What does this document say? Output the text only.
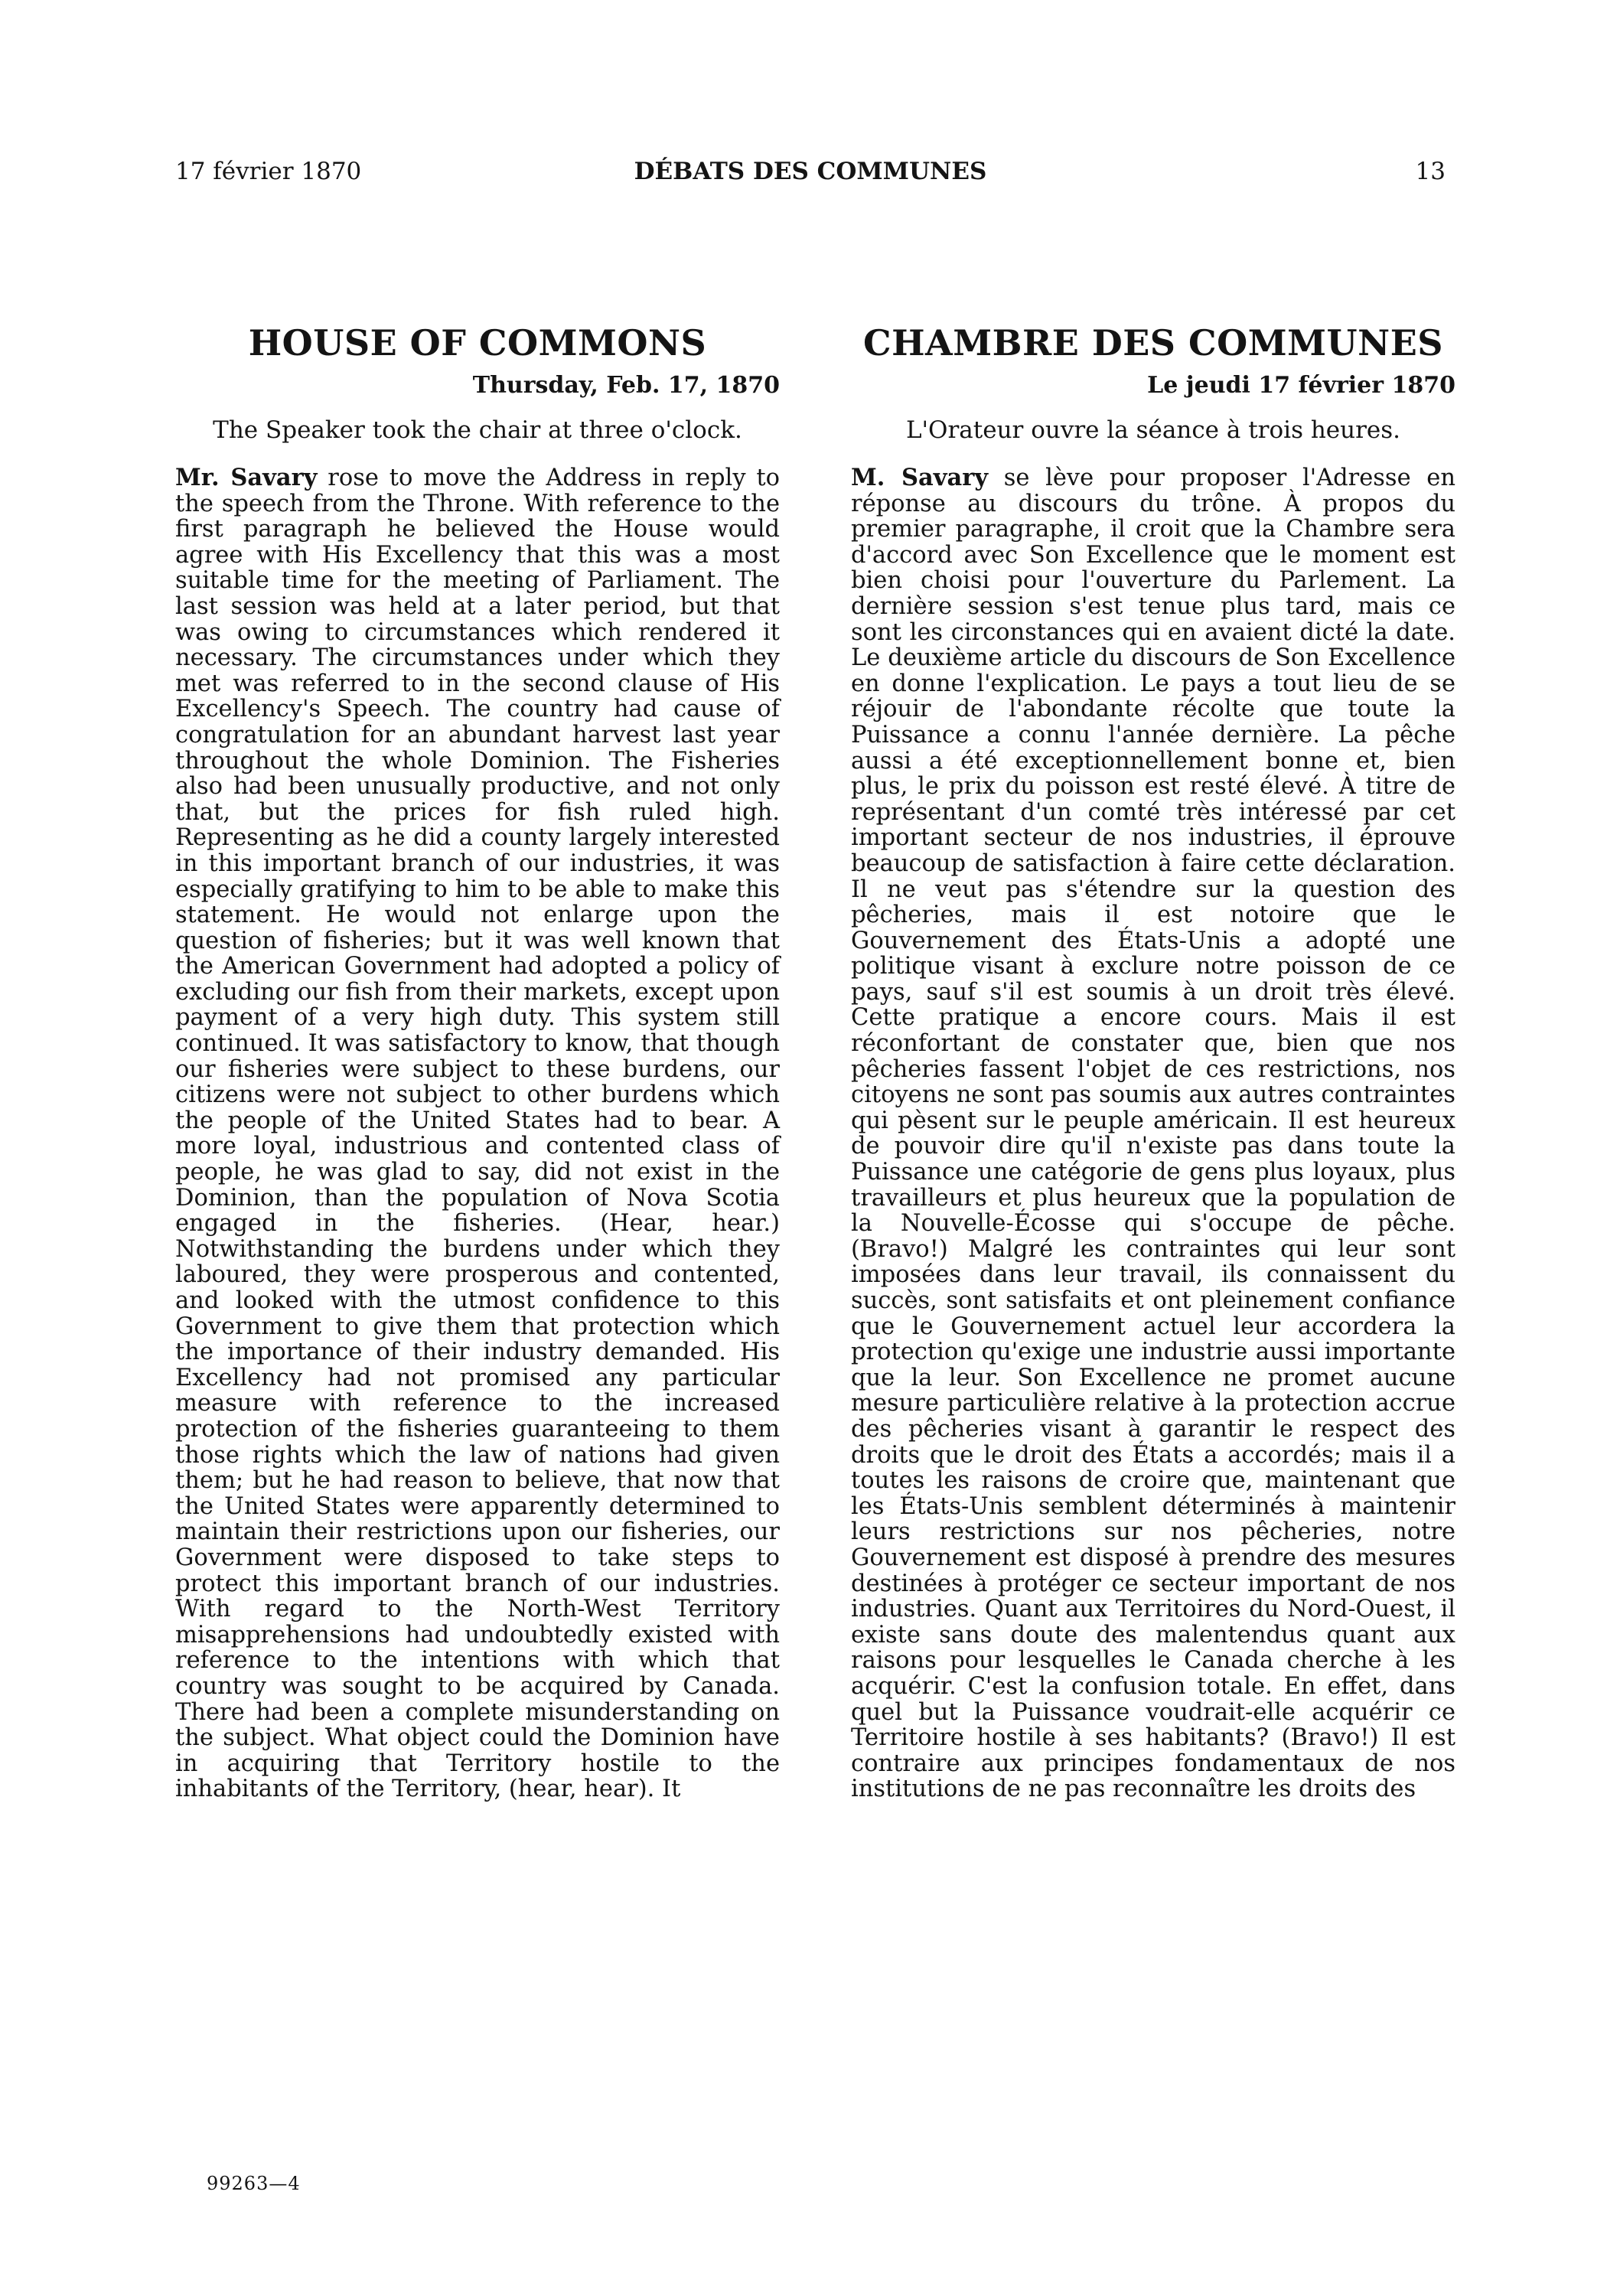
17 février 1870	DÉBATS DES COMMUNES	13
HOUSE OF COMMONS
Thursday, Feb. 17, 1870
The Speaker took the chair at three o'clock.

Mr. Savary rose to move the Address in reply to the speech from the Throne. With reference to the first paragraph he believed the House would agree with His Excellency that this was a most suitable time for the meeting of Parliament. The last session was held at a later period, but that was owing to circumstances which rendered it necessary. The circumstances under which they met was referred to in the second clause of His Excellency's Speech. The country had cause of congratulation for an abundant harvest last year throughout the whole Dominion. The Fisheries also had been unusually productive, and not only that, but the prices for fish ruled high. Representing as he did a county largely interested in this important branch of our industries, it was especially gratifying to him to be able to make this statement. He would not enlarge upon the question of fisheries; but it was well known that the American Government had adopted a policy of excluding our fish from their markets, except upon payment of a very high duty. This system still continued. It was satisfactory to know, that though our fisheries were subject to these burdens, our citizens were not subject to other burdens which the people of the United States had to bear. A more loyal, industrious and contented class of people, he was glad to say, did not exist in the Dominion, than the population of Nova Scotia engaged in the fisheries. (Hear, hear.) Notwithstanding the burdens under which they laboured, they were prosperous and contented, and looked with the utmost confidence to this Government to give them that protection which the importance of their industry demanded. His Excellency had not promised any particular measure with reference to the increased protection of the fisheries guaranteeing to them those rights which the law of nations had given them; but he had reason to believe, that now that the United States were apparently determined to maintain their restrictions upon our fisheries, our Government were disposed to take steps to protect this important branch of our industries. With regard to the North-West Territory misapprehensions had undoubtedly existed with reference to the intentions with which that country was sought to be acquired by Canada. There had been a complete misunderstanding on the subject. What object could the Dominion have in acquiring that Territory hostile to the inhabitants of the Territory, (hear, hear). It

CHAMBRE DES COMMUNES
Le jeudi 17 février 1870
L'Orateur ouvre la séance à trois heures.

M. Savary se lève pour proposer l'Adresse en réponse au discours du trône. À propos du premier paragraphe, il croit que la Chambre sera d'accord avec Son Excellence que le moment est bien choisi pour l'ouverture du Parlement. La dernière session s'est tenue plus tard, mais ce sont les circonstances qui en avaient dicté la date. Le deuxième article du discours de Son Excellence en donne l'explication. Le pays a tout lieu de se réjouir de l'abondante récolte que toute la Puissance a connu l'année dernière. La pêche aussi a été exceptionnellement bonne et, bien plus, le prix du poisson est resté élevé. À titre de représentant d'un comté très intéressé par cet important secteur de nos industries, il éprouve beaucoup de satisfaction à faire cette déclaration. Il ne veut pas s'étendre sur la question des pêcheries, mais il est notoire que le Gouvernement des États-Unis a adopté une politique visant à exclure notre poisson de ce pays, sauf s'il est soumis à un droit très élevé. Cette pratique a encore cours. Mais il est réconfortant de constater que, bien que nos pêcheries fassent l'objet de ces restrictions, nos citoyens ne sont pas soumis aux autres contraintes qui pèsent sur le peuple américain. Il est heureux de pouvoir dire qu'il n'existe pas dans toute la Puissance une catégorie de gens plus loyaux, plus travailleurs et plus heureux que la population de la Nouvelle-Écosse qui s'occupe de pêche. (Bravo!) Malgré les contraintes qui leur sont imposées dans leur travail, ils connaissent du succès, sont satisfaits et ont pleinement confiance que le Gouvernement actuel leur accordera la protection qu'exige une industrie aussi importante que la leur. Son Excellence ne promet aucune mesure particulière relative à la protection accrue des pêcheries visant à garantir le respect des droits que le droit des États a accordés; mais il a toutes les raisons de croire que, maintenant que les États-Unis semblent déterminés à maintenir leurs restrictions sur nos pêcheries, notre Gouvernement est disposé à prendre des mesures destinées à protéger ce secteur important de nos industries. Quant aux Territoires du Nord-Ouest, il existe sans doute des malentendus quant aux raisons pour lesquelles le Canada cherche à les acquérir. C'est la confusion totale. En effet, dans quel but la Puissance voudrait-elle acquérir ce Territoire hostile à ses habitants? (Bravo!) Il est contraire aux principes fondamentaux de nos institutions de ne pas reconnaître les droits des

99263—4
